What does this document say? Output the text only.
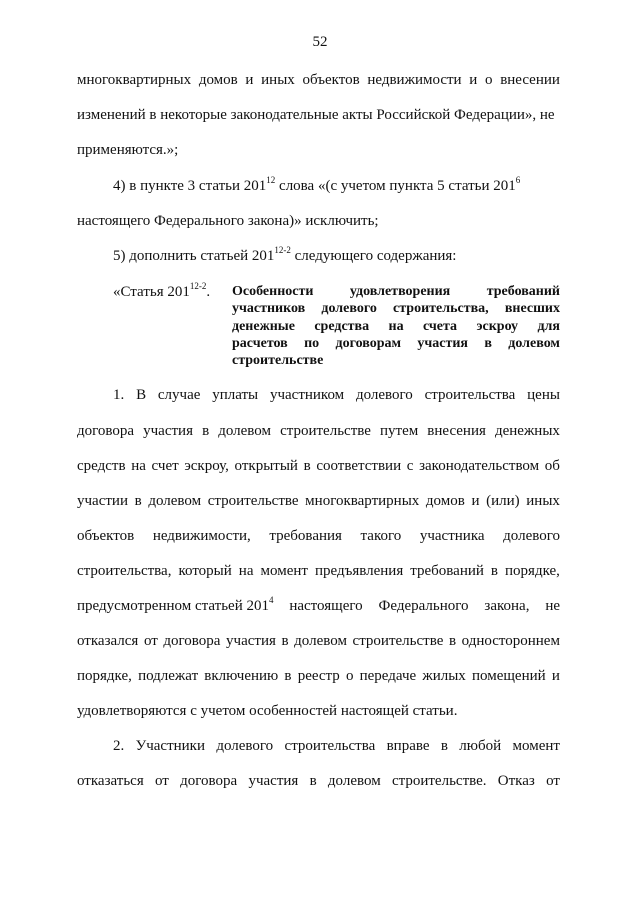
52
многоквартирных домов и иных объектов недвижимости и о внесении
изменений в некоторые законодательные акты Российской Федерации», не
применяются.»;
4) в пункте 3 статьи $201^{12}$ слова «(с учетом пункта 5 статьи $201^6$
настоящего Федерального закона)» исключить;
5) дополнить статьей 201$^{12-2}$ следующего содержания:
«Статья 201$^{12-2}$. Особенности	удовлетворения	требований
участников долевого строительства, внесших
денежные средства на счета эскроу для
расчетов по договорам участия в долевом
строительстве
1. В случае уплаты участником долевого строительства цены
договора участия в долевом строительстве путем внесения денежных
средств на счет эскроу, открытый в соответствии с законодательством об
участии в долевом строительстве многоквартирных домов и (или) иных
объектов недвижимости, требования такого участника долевого
строительства, который на момент предъявления требований в порядке,
предусмотренном статьей $201^4$ настоящего Федерального закона, не
отказался от договора участия в долевом строительстве в одностороннем
порядке, подлежат включению в реестр о передаче жилых помещений и
удовлетворяются с учетом особенностей настоящей статьи.
2. Участники долевого строительства вправе в любой момент
отказаться от договора участия в долевом строительстве. Отказ от
